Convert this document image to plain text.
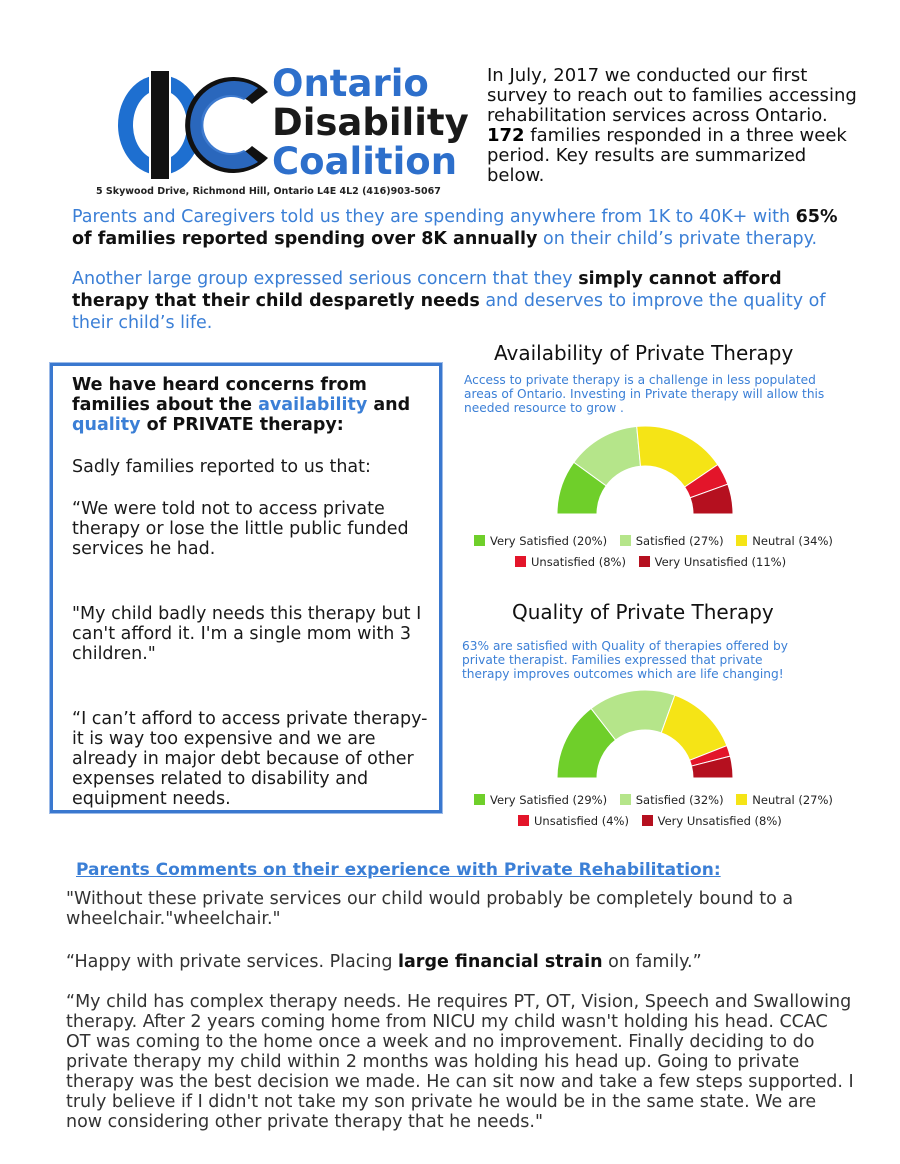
Ontario
Disability
Coalition
5 Skywood Drive, Richmond Hill, Ontario L4E 4L2 (416)903-5067
In July, 2017 we conducted our first survey to reach out to families accessing rehabilitation services across Ontario. 172 families responded in a three week period. Key results are summarized below.
Parents and Caregivers told us they are spending anywhere from 1K to 40K+ with 65% of families reported spending over 8K annually on their child’s private therapy.
Another large group expressed serious concern that they simply cannot afford therapy that their child desparetly needs and deserves to improve the quality of their child’s life.

We have heard concerns from families about the availability and quality of PRIVATE therapy:

Sadly families reported to us that:

“We were told not to access private therapy or lose the little public funded services he had.

"My child badly needs this therapy but I can't afford it. I'm a single mom with 3 children."

“I can’t afford to access private therapy-it is way too expensive and we are already in major debt because of other expenses related to disability and equipment needs.

Availability of Private Therapy
Access to private therapy is a challenge in less populated areas of Ontario. Investing in Private therapy will allow this needed resource to grow .
Very Satisfied (20%) Satisfied (27%) Neutral (34%)
Unsatisfied (8%) Very Unsatisfied (11%)
Quality of Private Therapy
63% are satisfied with Quality of therapies offered by private therapist. Families expressed that private therapy improves outcomes which are life changing!
Very Satisfied (29%) Satisfied (32%) Neutral (27%)
Unsatisfied (4%) Very Unsatisfied (8%)
Parents Comments on their experience with Private Rehabilitation:
"Without these private services our child would probably be completely bound to a wheelchair."wheelchair."
“Happy with private services. Placing large financial strain on family.”
“My child has complex therapy needs. He requires PT, OT, Vision, Speech and Swallowing therapy. After 2 years coming home from NICU my child wasn't holding his head. CCAC OT was coming to the home once a week and no improvement. Finally deciding to do private therapy my child within 2 months was holding his head up. Going to private therapy was the best decision we made. He can sit now and take a few steps supported. I truly believe if I didn't not take my son private he would be in the same state. We are now considering other private therapy that he needs."
